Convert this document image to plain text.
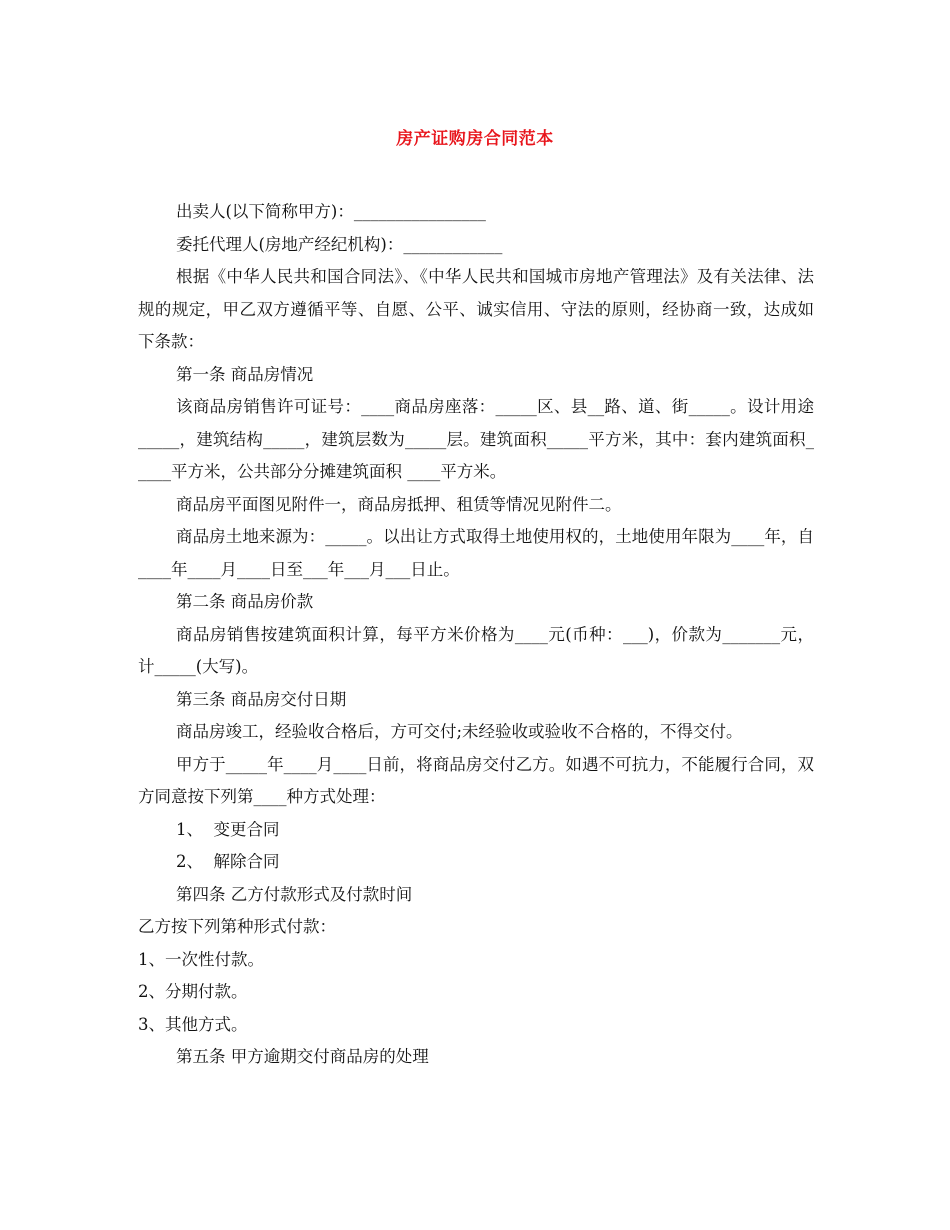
房产证购房合同范本

出卖人(以下简称甲方)：________________

委托代理人(房地产经纪机构)：____________

根据《中华人民共和国合同法》、《中华人民共和国城市房地产管理法》及有关法律、法规的规定，甲乙双方遵循平等、自愿、公平、诚实信用、守法的原则，经协商一致，达成如下条款：

第一条 商品房情况

该商品房销售许可证号：____商品房座落：_____区、县__路、道、街_____。设计用途 _____，建筑结构_____，建筑层数为_____层。建筑面积_____平方米，其中：套内建筑面积_____平方米，公共部分分摊建筑面积 ____平方米。

商品房平面图见附件一，商品房抵押、租赁等情况见附件二。

商品房土地来源为：_____。以出让方式取得土地使用权的，土地使用年限为____年，自____年____月____日至___年___月___日止。

第二条 商品房价款

商品房销售按建筑面积计算，每平方米价格为____元(币种：___)，价款为_______元，计_____(大写)。

第三条 商品房交付日期

商品房竣工，经验收合格后，方可交付;未经验收或验收不合格的，不得交付。

甲方于_____年____月____日前，将商品房交付乙方。如遇不可抗力，不能履行合同，双方同意按下列第____种方式处理：

1、  变更合同

2、  解除合同

第四条 乙方付款形式及付款时间

乙方按下列第种形式付款：

1、一次性付款。

2、分期付款。

3、其他方式。

第五条 甲方逾期交付商品房的处理
